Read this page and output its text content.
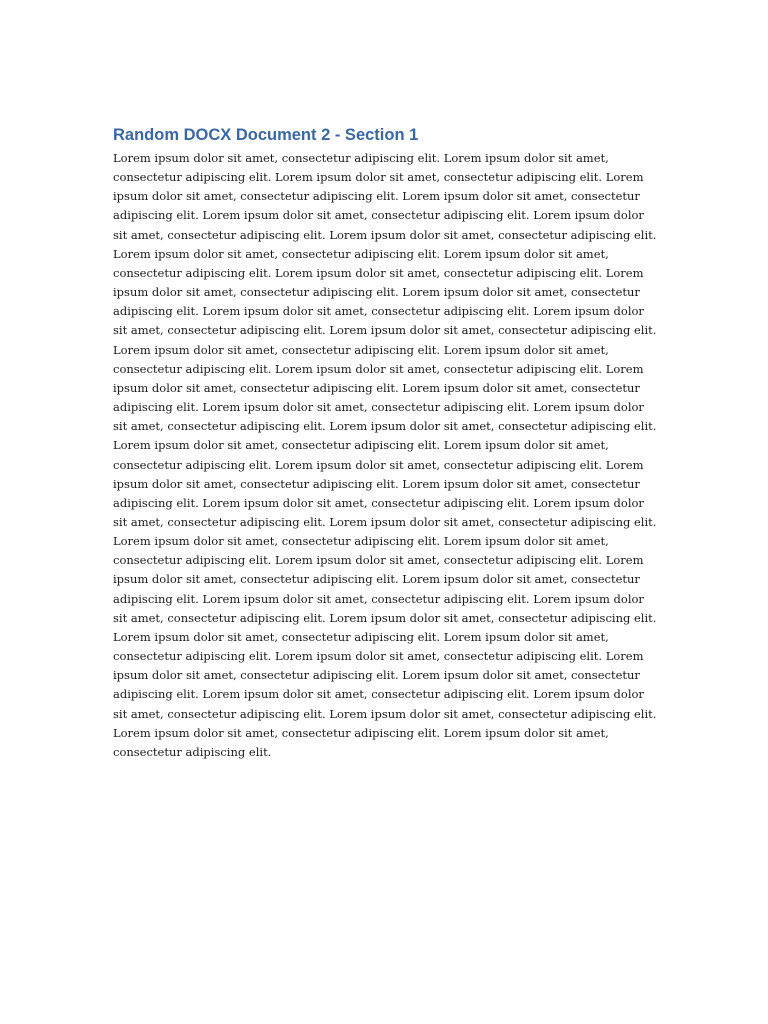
Random DOCX Document 2 - Section 1

Lorem ipsum dolor sit amet, consectetur adipiscing elit. Lorem ipsum dolor sit amet,
consectetur adipiscing elit. Lorem ipsum dolor sit amet, consectetur adipiscing elit. Lorem
ipsum dolor sit amet, consectetur adipiscing elit. Lorem ipsum dolor sit amet, consectetur
adipiscing elit. Lorem ipsum dolor sit amet, consectetur adipiscing elit. Lorem ipsum dolor
sit amet, consectetur adipiscing elit. Lorem ipsum dolor sit amet, consectetur adipiscing elit.
Lorem ipsum dolor sit amet, consectetur adipiscing elit. Lorem ipsum dolor sit amet,
consectetur adipiscing elit. Lorem ipsum dolor sit amet, consectetur adipiscing elit. Lorem
ipsum dolor sit amet, consectetur adipiscing elit. Lorem ipsum dolor sit amet, consectetur
adipiscing elit. Lorem ipsum dolor sit amet, consectetur adipiscing elit. Lorem ipsum dolor
sit amet, consectetur adipiscing elit. Lorem ipsum dolor sit amet, consectetur adipiscing elit.
Lorem ipsum dolor sit amet, consectetur adipiscing elit. Lorem ipsum dolor sit amet,
consectetur adipiscing elit. Lorem ipsum dolor sit amet, consectetur adipiscing elit. Lorem
ipsum dolor sit amet, consectetur adipiscing elit. Lorem ipsum dolor sit amet, consectetur
adipiscing elit. Lorem ipsum dolor sit amet, consectetur adipiscing elit. Lorem ipsum dolor
sit amet, consectetur adipiscing elit. Lorem ipsum dolor sit amet, consectetur adipiscing elit.
Lorem ipsum dolor sit amet, consectetur adipiscing elit. Lorem ipsum dolor sit amet,
consectetur adipiscing elit. Lorem ipsum dolor sit amet, consectetur adipiscing elit. Lorem
ipsum dolor sit amet, consectetur adipiscing elit. Lorem ipsum dolor sit amet, consectetur
adipiscing elit. Lorem ipsum dolor sit amet, consectetur adipiscing elit. Lorem ipsum dolor
sit amet, consectetur adipiscing elit. Lorem ipsum dolor sit amet, consectetur adipiscing elit.
Lorem ipsum dolor sit amet, consectetur adipiscing elit. Lorem ipsum dolor sit amet,
consectetur adipiscing elit. Lorem ipsum dolor sit amet, consectetur adipiscing elit. Lorem
ipsum dolor sit amet, consectetur adipiscing elit. Lorem ipsum dolor sit amet, consectetur
adipiscing elit. Lorem ipsum dolor sit amet, consectetur adipiscing elit. Lorem ipsum dolor
sit amet, consectetur adipiscing elit. Lorem ipsum dolor sit amet, consectetur adipiscing elit.
Lorem ipsum dolor sit amet, consectetur adipiscing elit. Lorem ipsum dolor sit amet,
consectetur adipiscing elit. Lorem ipsum dolor sit amet, consectetur adipiscing elit. Lorem
ipsum dolor sit amet, consectetur adipiscing elit. Lorem ipsum dolor sit amet, consectetur
adipiscing elit. Lorem ipsum dolor sit amet, consectetur adipiscing elit. Lorem ipsum dolor
sit amet, consectetur adipiscing elit. Lorem ipsum dolor sit amet, consectetur adipiscing elit.
Lorem ipsum dolor sit amet, consectetur adipiscing elit. Lorem ipsum dolor sit amet,
consectetur adipiscing elit.
